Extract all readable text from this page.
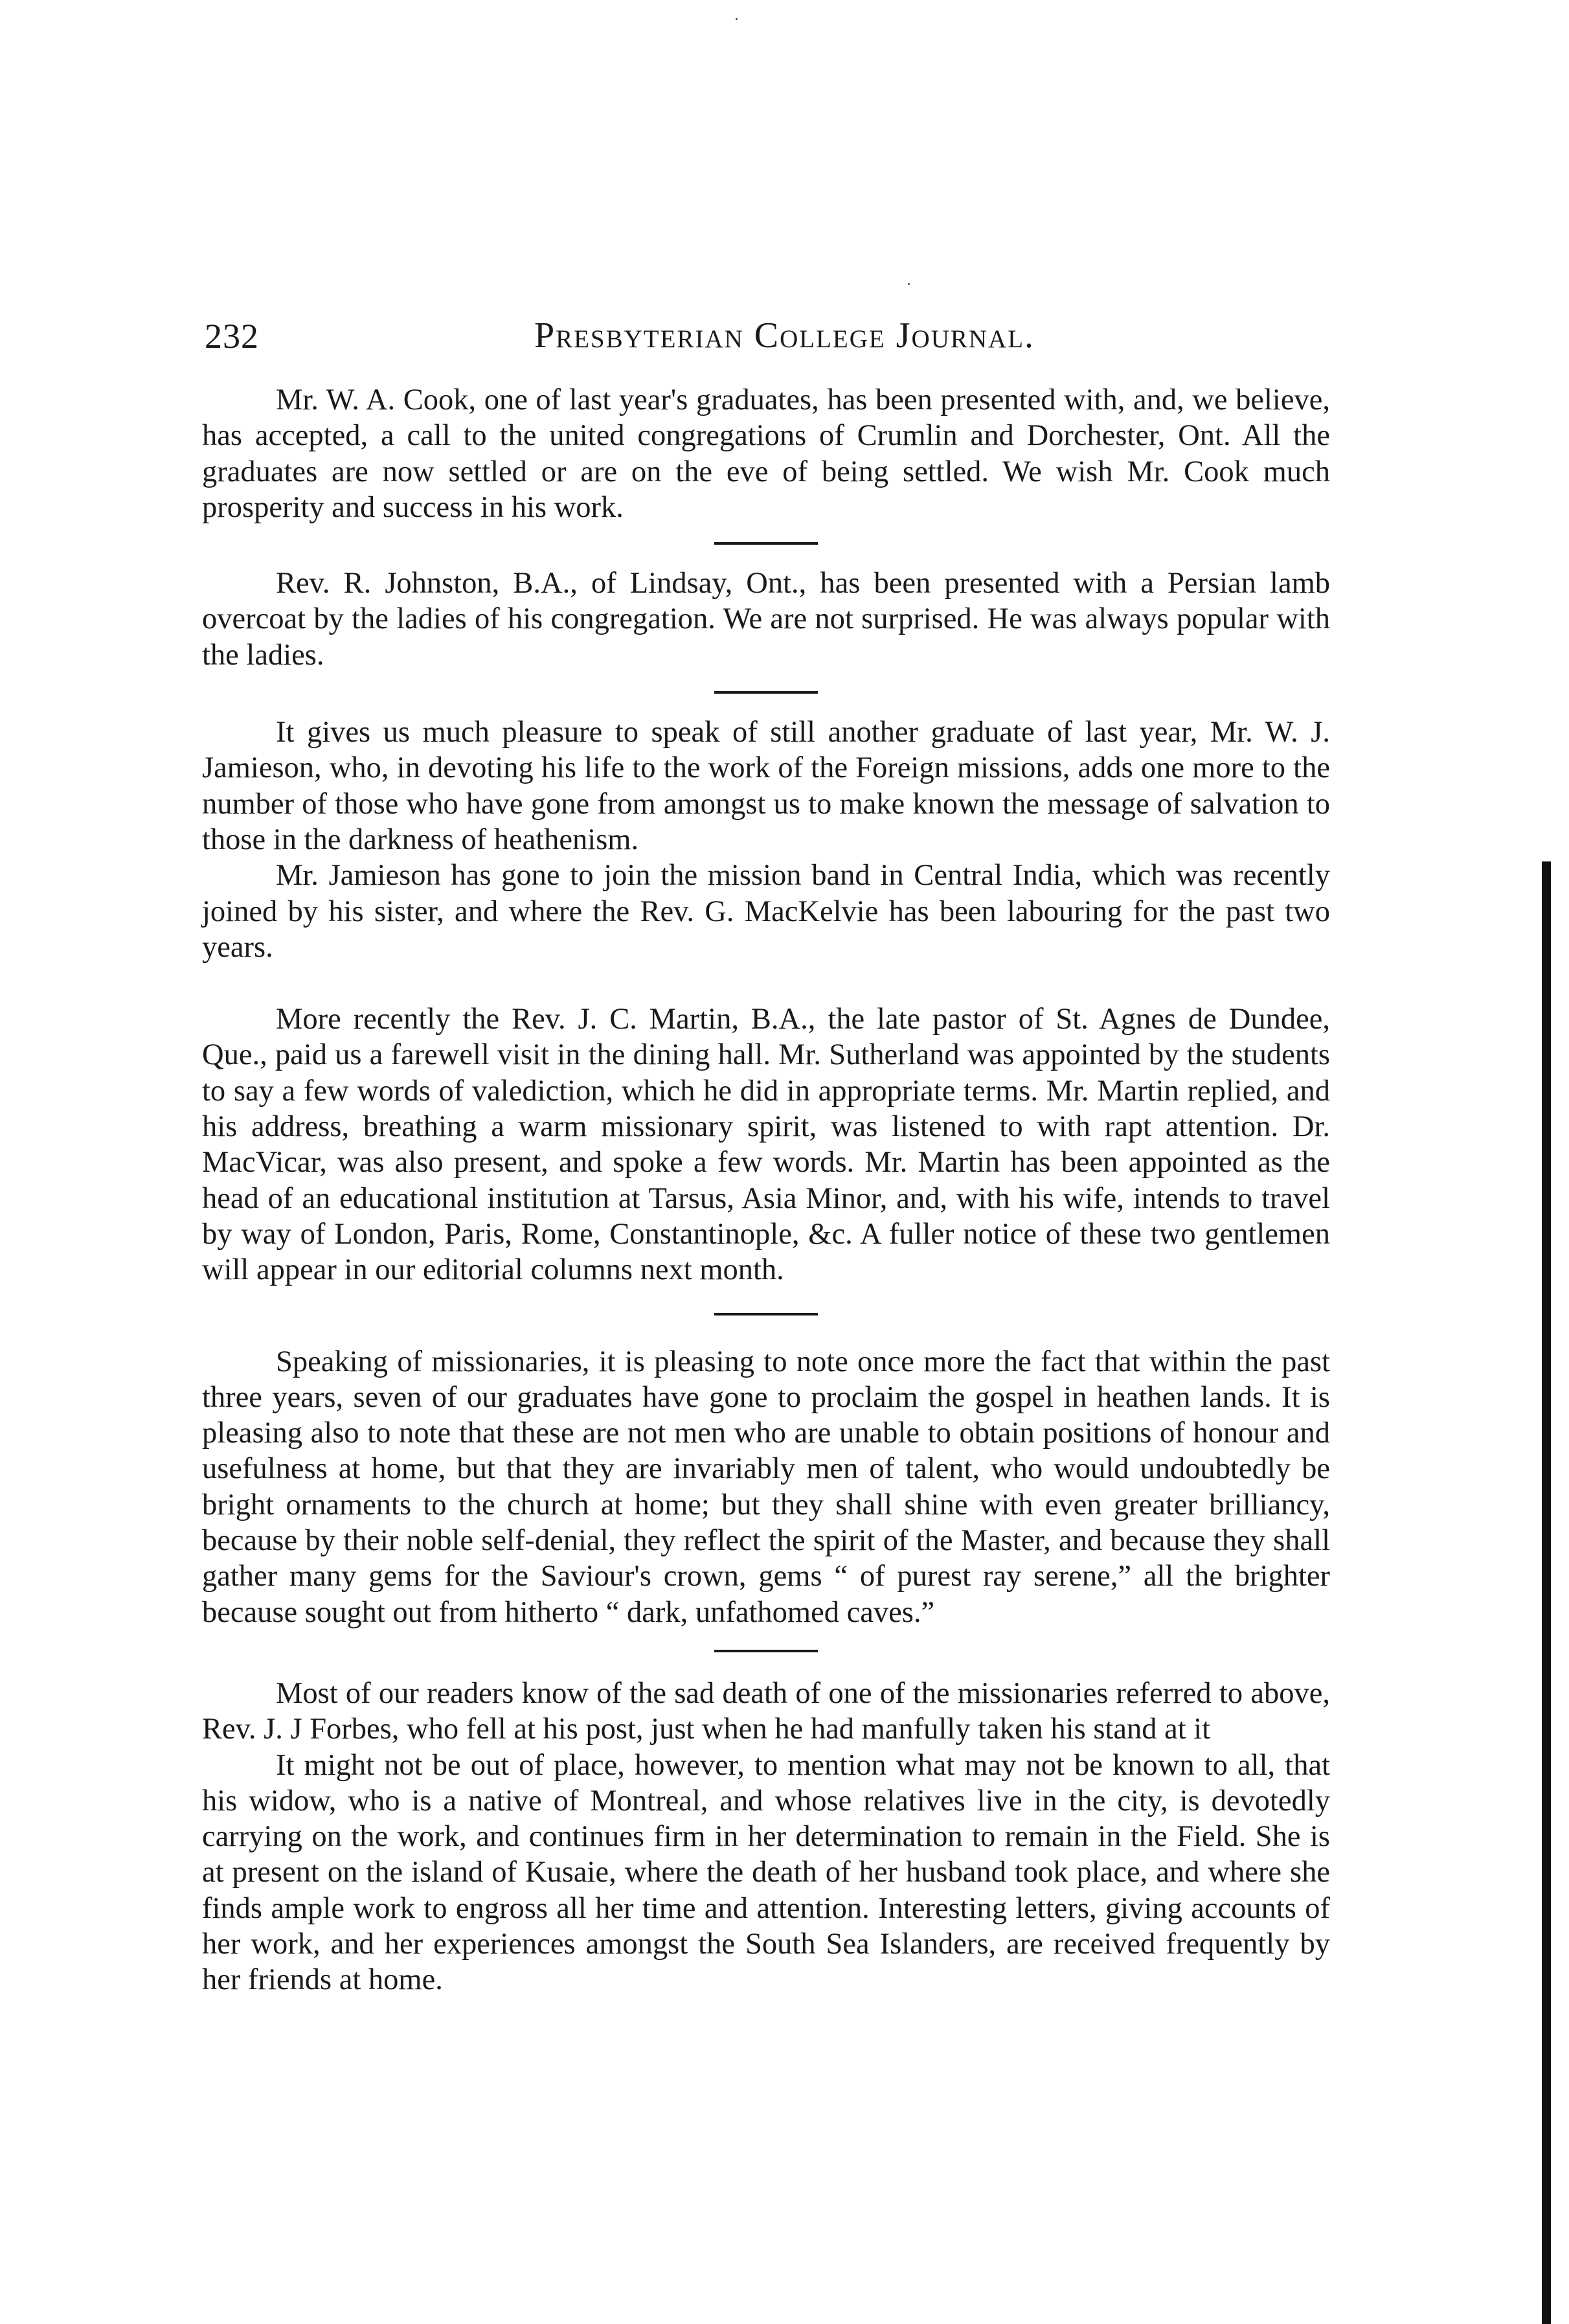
232	Presbyterian College Journal.

Mr. W. A. Cook, one of last year's graduates, has been presented with, and, we believe, has accepted, a call to the united congregations of Crumlin and Dorchester, Ont. All the graduates are now settled or are on the eve of being settled. We wish Mr. Cook much prosperity and success in his work.

Rev. R. Johnston, B.A., of Lindsay, Ont., has been presented with a Persian lamb overcoat by the ladies of his congregation. We are not surprised. He was always popular with the ladies.

It gives us much pleasure to speak of still another graduate of last year, Mr. W. J. Jamieson, who, in devoting his life to the work of the Foreign missions, adds one more to the number of those who have gone from amongst us to make known the message of salvation to those in the darkness of heathenism.

Mr. Jamieson has gone to join the mission band in Central India, which was recently joined by his sister, and where the Rev. G. MacKelvie has been labouring for the past two years.

More recently the Rev. J. C. Martin, B.A., the late pastor of St. Agnes de Dundee, Que., paid us a farewell visit in the dining hall. Mr. Sutherland was appointed by the students to say a few words of valediction, which he did in appropriate terms. Mr. Martin replied, and his address, breathing a warm missionary spirit, was listened to with rapt attention. Dr. MacVicar, was also present, and spoke a few words. Mr. Martin has been appointed as the head of an educational institution at Tarsus, Asia Minor, and, with his wife, intends to travel by way of London, Paris, Rome, Constantinople, &c. A fuller notice of these two gentlemen will appear in our editorial columns next month.

Speaking of missionaries, it is pleasing to note once more the fact that within the past three years, seven of our graduates have gone to proclaim the gospel in heathen lands. It is pleasing also to note that these are not men who are unable to obtain positions of honour and usefulness at home, but that they are invariably men of talent, who would undoubtedly be bright ornaments to the church at home; but they shall shine with even greater brilliancy, because by their noble self-denial, they reflect the spirit of the Master, and because they shall gather many gems for the Saviour's crown, gems “ of purest ray serene,” all the brighter because sought out from hitherto “ dark, unfathomed caves.”

Most of our readers know of the sad death of one of the missionaries referred to above, Rev. J. J Forbes, who fell at his post, just when he had manfully taken his stand at it

It might not be out of place, however, to mention what may not be known to all, that his widow, who is a native of Montreal, and whose relatives live in the city, is devotedly carrying on the work, and continues firm in her determination to remain in the Field. She is at present on the island of Kusaie, where the death of her husband took place, and where she finds ample work to engross all her time and attention. Interesting letters, giving accounts of her work, and her experiences amongst the South Sea Islanders, are received frequently by her friends at home.
